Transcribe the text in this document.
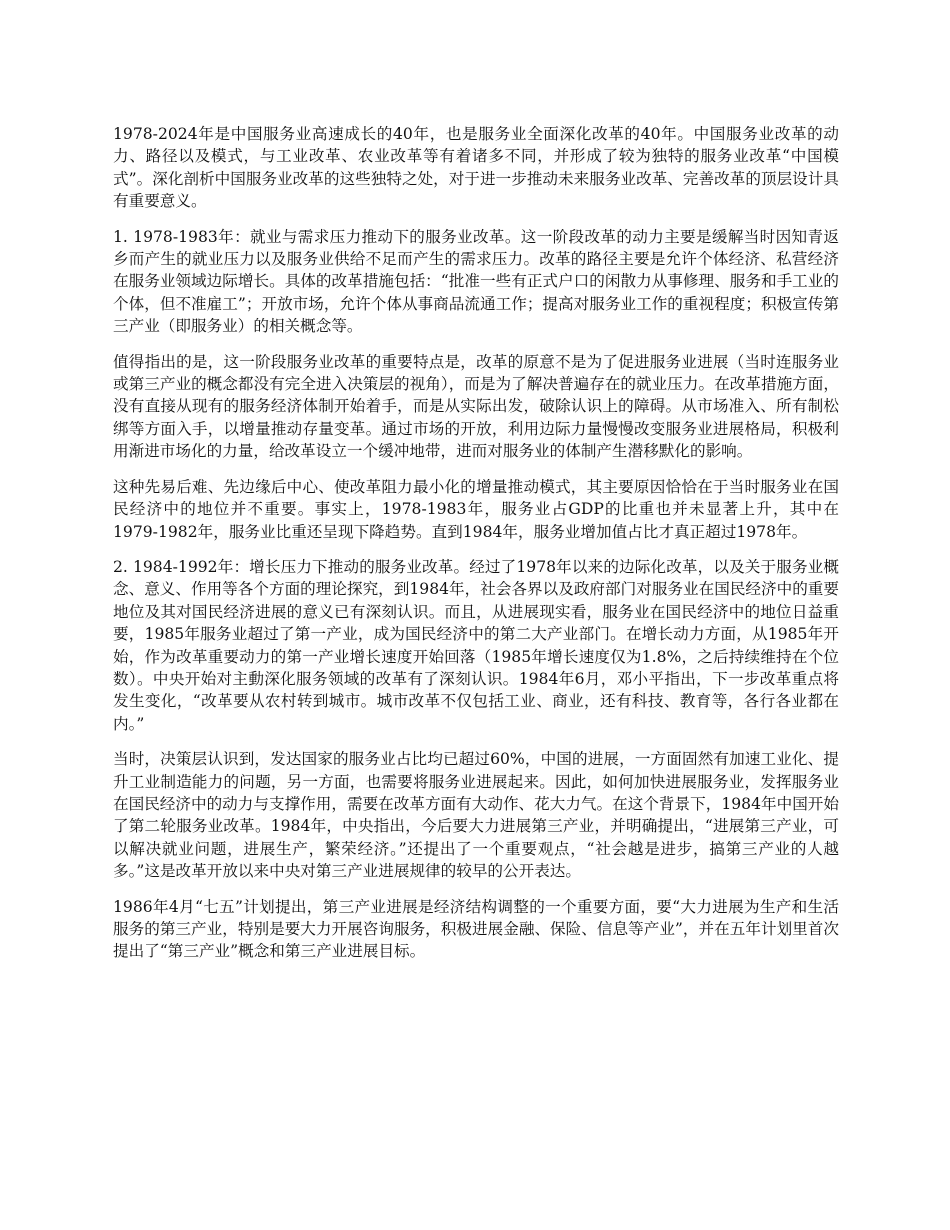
1978-2024年是中国服务业高速成长的40年，也是服务业全面深化改革的40年。中国服务业改革的动力、路径以及模式，与工业改革、农业改革等有着诸多不同，并形成了较为独特的服务业改革“中国模式”。深化剖析中国服务业改革的这些独特之处，对于进一步推动未来服务业改革、完善改革的顶层设计具有重要意义。

1. 1978-1983年：就业与需求压力推动下的服务业改革。这一阶段改革的动力主要是缓解当时因知青返乡而产生的就业压力以及服务业供给不足而产生的需求压力。改革的路径主要是允许个体经济、私营经济在服务业领域边际增长。具体的改革措施包括：“批准一些有正式户口的闲散力从事修理、服务和手工业的个体，但不准雇工”；开放市场，允许个体从事商品流通工作；提高对服务业工作的重视程度；积极宣传第三产业（即服务业）的相关概念等。

值得指出的是，这一阶段服务业改革的重要特点是，改革的原意不是为了促进服务业进展（当时连服务业或第三产业的概念都没有完全进入决策层的视角），而是为了解决普遍存在的就业压力。在改革措施方面，没有直接从现有的服务经济体制开始着手，而是从实际出发，破除认识上的障碍。从市场准入、所有制松绑等方面入手，以增量推动存量变革。通过市场的开放，利用边际力量慢慢改变服务业进展格局，积极利用渐进市场化的力量，给改革设立一个缓冲地带，进而对服务业的体制产生潜移默化的影响。

这种先易后难、先边缘后中心、使改革阻力最小化的增量推动模式，其主要原因恰恰在于当时服务业在国民经济中的地位并不重要。事实上，1978-1983年，服务业占GDP的比重也并未显著上升，其中在1979-1982年，服务业比重还呈现下降趋势。直到1984年，服务业增加值占比才真正超过1978年。

2. 1984-1992年：增长压力下推动的服务业改革。经过了1978年以来的边际化改革，以及关于服务业概念、意义、作用等各个方面的理论探究，到1984年，社会各界以及政府部门对服务业在国民经济中的重要地位及其对国民经济进展的意义已有深刻认识。而且，从进展现实看，服务业在国民经济中的地位日益重要，1985年服务业超过了第一产业，成为国民经济中的第二大产业部门。在增长动力方面，从1985年开始，作为改革重要动力的第一产业增长速度开始回落（1985年增长速度仅为1.8%，之后持续维持在个位数）。中央开始对主動深化服务领域的改革有了深刻认识。1984年6月，邓小平指出，下一步改革重点将发生变化，“改革要从农村转到城市。城市改革不仅包括工业、商业，还有科技、教育等，各行各业都在内。”

当时，决策层认识到，发达国家的服务业占比均已超过60%，中国的进展，一方面固然有加速工业化、提升工业制造能力的问题，另一方面，也需要将服务业进展起来。因此，如何加快进展服务业，发挥服务业在国民经济中的动力与支撑作用，需要在改革方面有大动作、花大力气。在这个背景下，1984年中国开始了第二轮服务业改革。1984年，中央指出，今后要大力进展第三产业，并明确提出，“进展第三产业，可以解决就业问题，进展生产，繁荣经济。”还提出了一个重要观点，“社会越是进步，搞第三产业的人越多。”这是改革开放以来中央对第三产业进展规律的较早的公开表达。

1986年4月“七五”计划提出，第三产业进展是经济结构调整的一个重要方面，要“大力进展为生产和生活服务的第三产业，特别是要大力开展咨询服务，积极进展金融、保险、信息等产业”，并在五年计划里首次提出了“第三产业”概念和第三产业进展目标。
